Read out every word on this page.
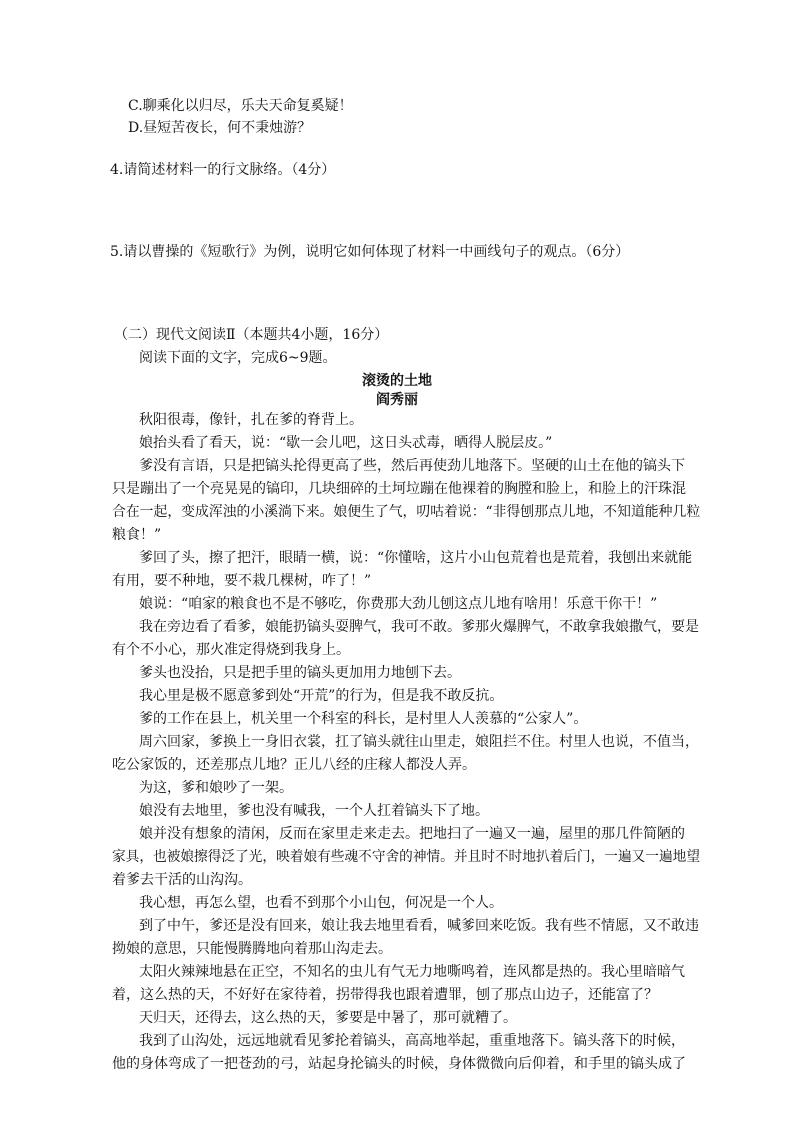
C.聊乘化以归尽，乐夫天命复奚疑！
D.昼短苦夜长，何不秉烛游？
4.请简述材料一的行文脉络。（4分）
5.请以曹操的《短歌行》为例，说明它如何体现了材料一中画线句子的观点。（6分）
（二）现代文阅读Ⅱ（本题共4小题，16分）
阅读下面的文字，完成6~9题。
滚烫的土地
阎秀丽
秋阳很毒，像针，扎在爹的脊背上。
娘抬头看了看天，说：“歇一会儿吧，这日头忒毒，晒得人脱层皮。”
爹没有言语，只是把镐头抡得更高了些，然后再使劲儿地落下。坚硬的山土在他的镐头下
只是蹦出了一个亮晃晃的镐印，几块细碎的土坷垃蹦在他裸着的胸膛和脸上，和脸上的汗珠混
合在一起，变成浑浊的小溪淌下来。娘便生了气，叨咕着说：“非得刨那点儿地，不知道能种几粒
粮食！”
爹回了头，擦了把汗，眼睛一横，说：“你懂啥，这片小山包荒着也是荒着，我刨出来就能
有用，要不种地，要不栽几棵树，咋了！”
娘说：“咱家的粮食也不是不够吃，你费那大劲儿刨这点儿地有啥用！乐意干你干！”
我在旁边看了看爹，娘能扔镐头耍脾气，我可不敢。爹那火爆脾气，不敢拿我娘撒气，要是
有个不小心，那火准定得烧到我身上。
爹头也没抬，只是把手里的镐头更加用力地刨下去。
我心里是极不愿意爹到处“开荒”的行为，但是我不敢反抗。
爹的工作在县上，机关里一个科室的科长，是村里人人羡慕的“公家人”。
周六回家，爹换上一身旧衣裳，扛了镐头就往山里走，娘阻拦不住。村里人也说，不值当，
吃公家饭的，还差那点儿地？正儿八经的庄稼人都没人弄。
为这，爹和娘吵了一架。
娘没有去地里，爹也没有喊我，一个人扛着镐头下了地。
娘并没有想象的清闲，反而在家里走来走去。把地扫了一遍又一遍，屋里的那几件简陋的
家具，也被娘擦得泛了光，映着娘有些魂不守舍的神情。并且时不时地扒着后门，一遍又一遍地望
着爹去干活的山沟沟。
我心想，再怎么望，也看不到那个小山包，何况是一个人。
到了中午，爹还是没有回来，娘让我去地里看看，喊爹回来吃饭。我有些不情愿，又不敢违
拗娘的意思，只能慢腾腾地向着那山沟走去。
太阳火辣辣地悬在正空，不知名的虫儿有气无力地嘶鸣着，连风都是热的。我心里暗暗气
着，这么热的天，不好好在家待着，拐带得我也跟着遭罪，刨了那点山边子，还能富了？
天归天，还得去，这么热的天，爹要是中暑了，那可就糟了。
我到了山沟处，远远地就看见爹抡着镐头，高高地举起，重重地落下。镐头落下的时候，
他的身体弯成了一把苍劲的弓，站起身抡镐头的时候，身体微微向后仰着，和手里的镐头成了
